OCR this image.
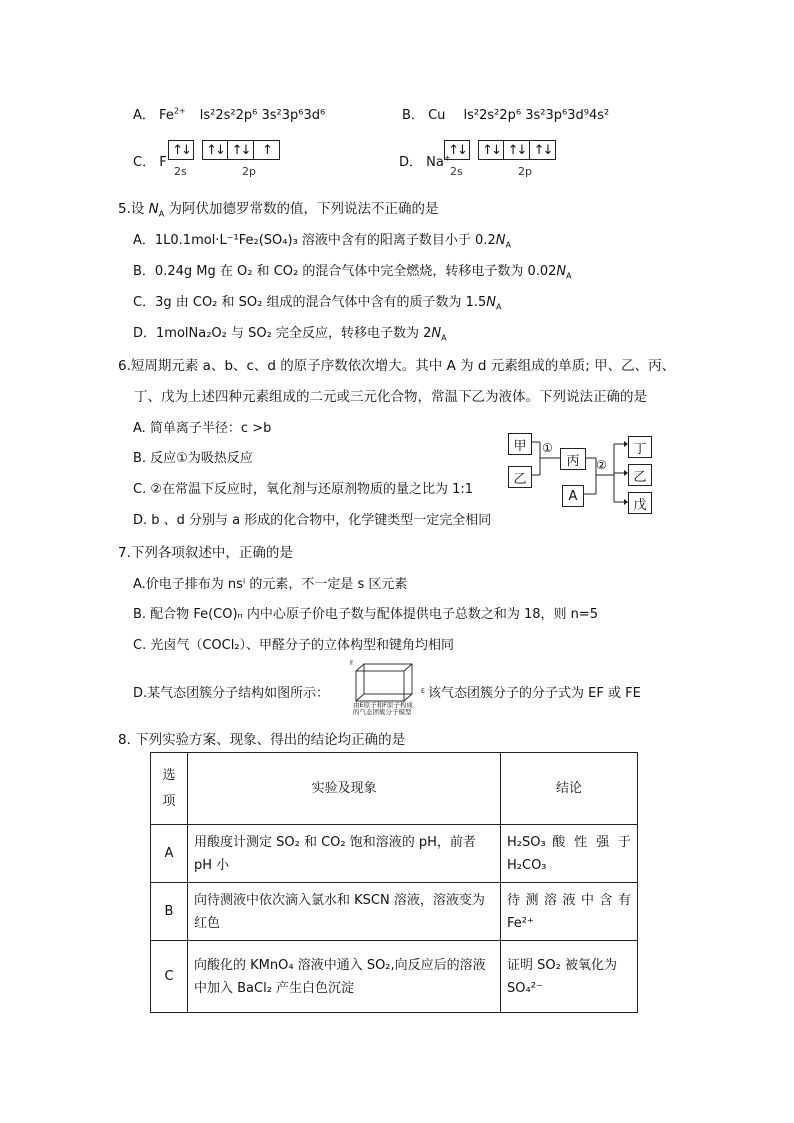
A． $Fe^{2+}$ ls²2s²2p⁶ 3s²3p⁶3d⁶	B． Cu ls²2s²2p⁶ 3s²3p⁶3d⁹4s²
C． F
↑↓	↑↓ ↑↓ ↑
2s	2p
D． Na+
↑↓	↑↓ ↑↓ ↑↓
2s	2p
5.设 $N_A$ 为阿伏加德罗常数的值，下列说法不正确的是
A．1L0.1mol·L⁻¹Fe₂(SO₄)₃ 溶液中含有的阳离子数目小于 $0.2N_A$
B．0.24g Mg 在 O₂ 和 CO₂ 的混合气体中完全燃烧，转移电子数为 $0.02N_A$
C．3g 由 CO₂ 和 SO₂ 组成的混合气体中含有的质子数为 $1.5N_A$
D．1molNa₂O₂ 与 SO₂ 完全反应，转移电子数为 $2N_A$
6.短周期元素 a、b、c、d 的原子序数依次增大。其中 A 为 d 元素组成的单质; 甲、乙、丙、
丁、戊为上述四种元素组成的二元或三元化合物，常温下乙为液体。下列说法正确的是
A. 简单离子半径：c >b
B. 反应①为吸热反应
C. ②在常温下反应时，氧化剂与还原剂物质的量之比为 1:1
D. b 、d 分别与 a 形成的化合物中，化学键类型一定完全相同
甲
乙
①
丙	②
A
丁
乙
戊
7.下列各项叙述中，正确的是
A.价电子排布为 nsⁱ 的元素，不一定是 s 区元素
B. 配合物 Fe(CO)ₙ 内中心原子价电子数与配体提供电子总数之和为 18，则 n=5
C. 光卤气（COCl₂）、甲醛分子的立体构型和键角均相同
D.某气态团簇分子结构如图所示：
F
E
由E原子和F原子构成
的气态团簇分子模型
该气态团簇分子的分子式为 EF 或 FE
8. 下列实验方案、现象、得出的结论均正确的是
选
项	实验及现象	结论
A	用酸度计测定 SO₂ 和 CO₂ 饱和溶液的 pH，前者 pH 小	H₂SO₃ 酸 性 强 于 H₂CO₃
B	向待测液中依次滴入氯水和 KSCN 溶液，溶液变为红色	待 测 溶 液 中 含 有 Fe²⁺
C	向酸化的 KMnO₄ 溶液中通入 SO₂,向反应后的溶液中加入 BaCl₂ 产生白色沉淀	证明 SO₂ 被氧化为 SO₄²⁻
